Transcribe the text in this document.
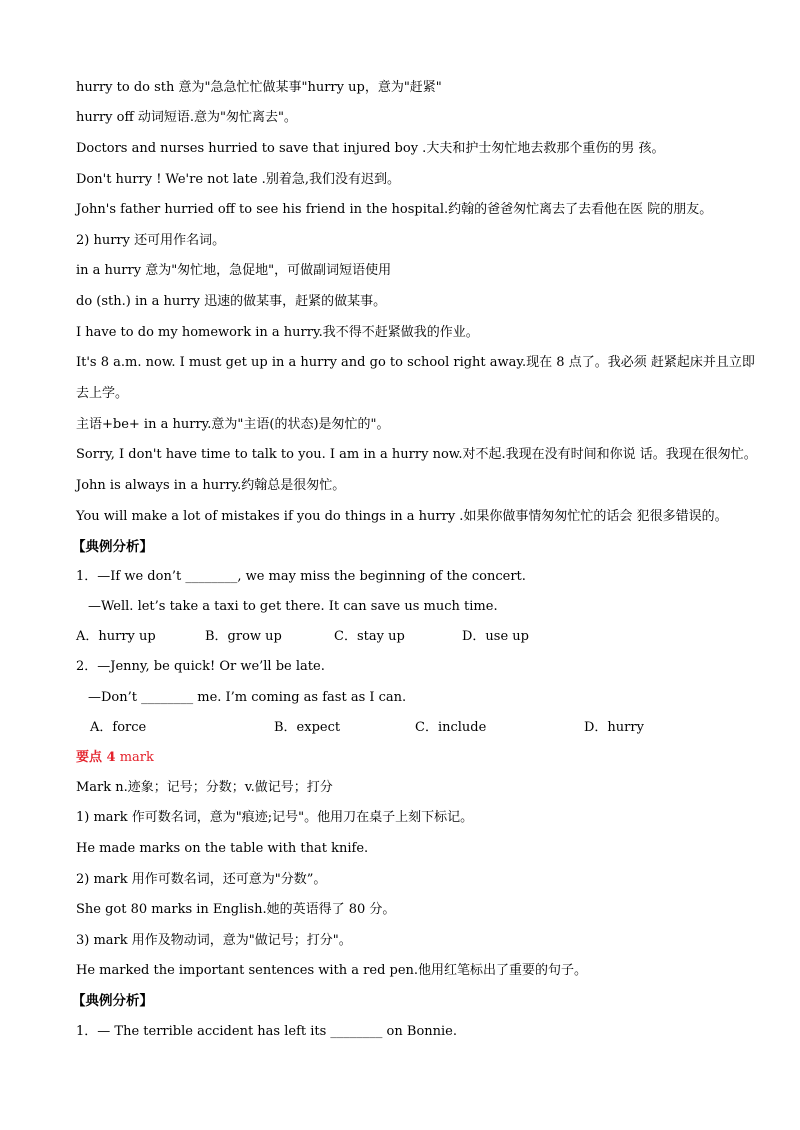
hurry to do sth 意为"急急忙忙做某事"hurry up，意为"赶紧"
hurry off 动词短语.意为"匆忙离去"。
Doctors and nurses hurried to save that injured boy .大夫和护士匆忙地去救那个重伤的男 孩。
Don't hurry ! We're not late .别着急,我们没有迟到。
John's father hurried off to see his friend in the hospital.约翰的爸爸匆忙离去了去看他在医 院的朋友。
2) hurry 还可用作名词。
in a hurry 意为"匆忙地，急促地"，可做副词短语使用
do (sth.) in a hurry 迅速的做某事，赶紧的做某事。
I have to do my homework in a hurry.我不得不赶紧做我的作业。
It's 8 a.m. now. I must get up in a hurry and go to school right away.现在 8 点了。我必须 赶紧起床并且立即
去上学。
主语+be+ in a hurry.意为"主语(的状态)是匆忙的"。
Sorry, I don't have time to talk to you. I am in a hurry now.对不起.我现在没有时间和你说 话。我现在很匆忙。
John is always in a hurry.约翰总是很匆忙。
You will make a lot of mistakes if you do things in a hurry .如果你做事情匆匆忙忙的话会 犯很多错误的。
【典例分析】
1．—If we don’t ________, we may miss the beginning of the concert.
—Well. let’s take a taxi to get there. It can save us much time.
A．hurry up	B．grow up	C．stay up	D．use up
2．—Jenny, be quick! Or we’ll be late.
—Don’t ________ me. I’m coming as fast as I can.
A．force	B．expect	C．include	D．hurry
要点 4 mark
Mark n.迹象；记号；分数；v.做记号；打分
1) mark 作可数名词，意为"痕迹;记号"。他用刀在桌子上刻下标记。
He made marks on the table with that knife.
2) mark 用作可数名词，还可意为"分数”。
She got 80 marks in English.她的英语得了 80 分。
3) mark 用作及物动词，意为"做记号；打分"。
He marked the important sentences with a red pen.他用红笔标出了重要的句子。
【典例分析】
1．— The terrible accident has left its ________ on Bonnie.
